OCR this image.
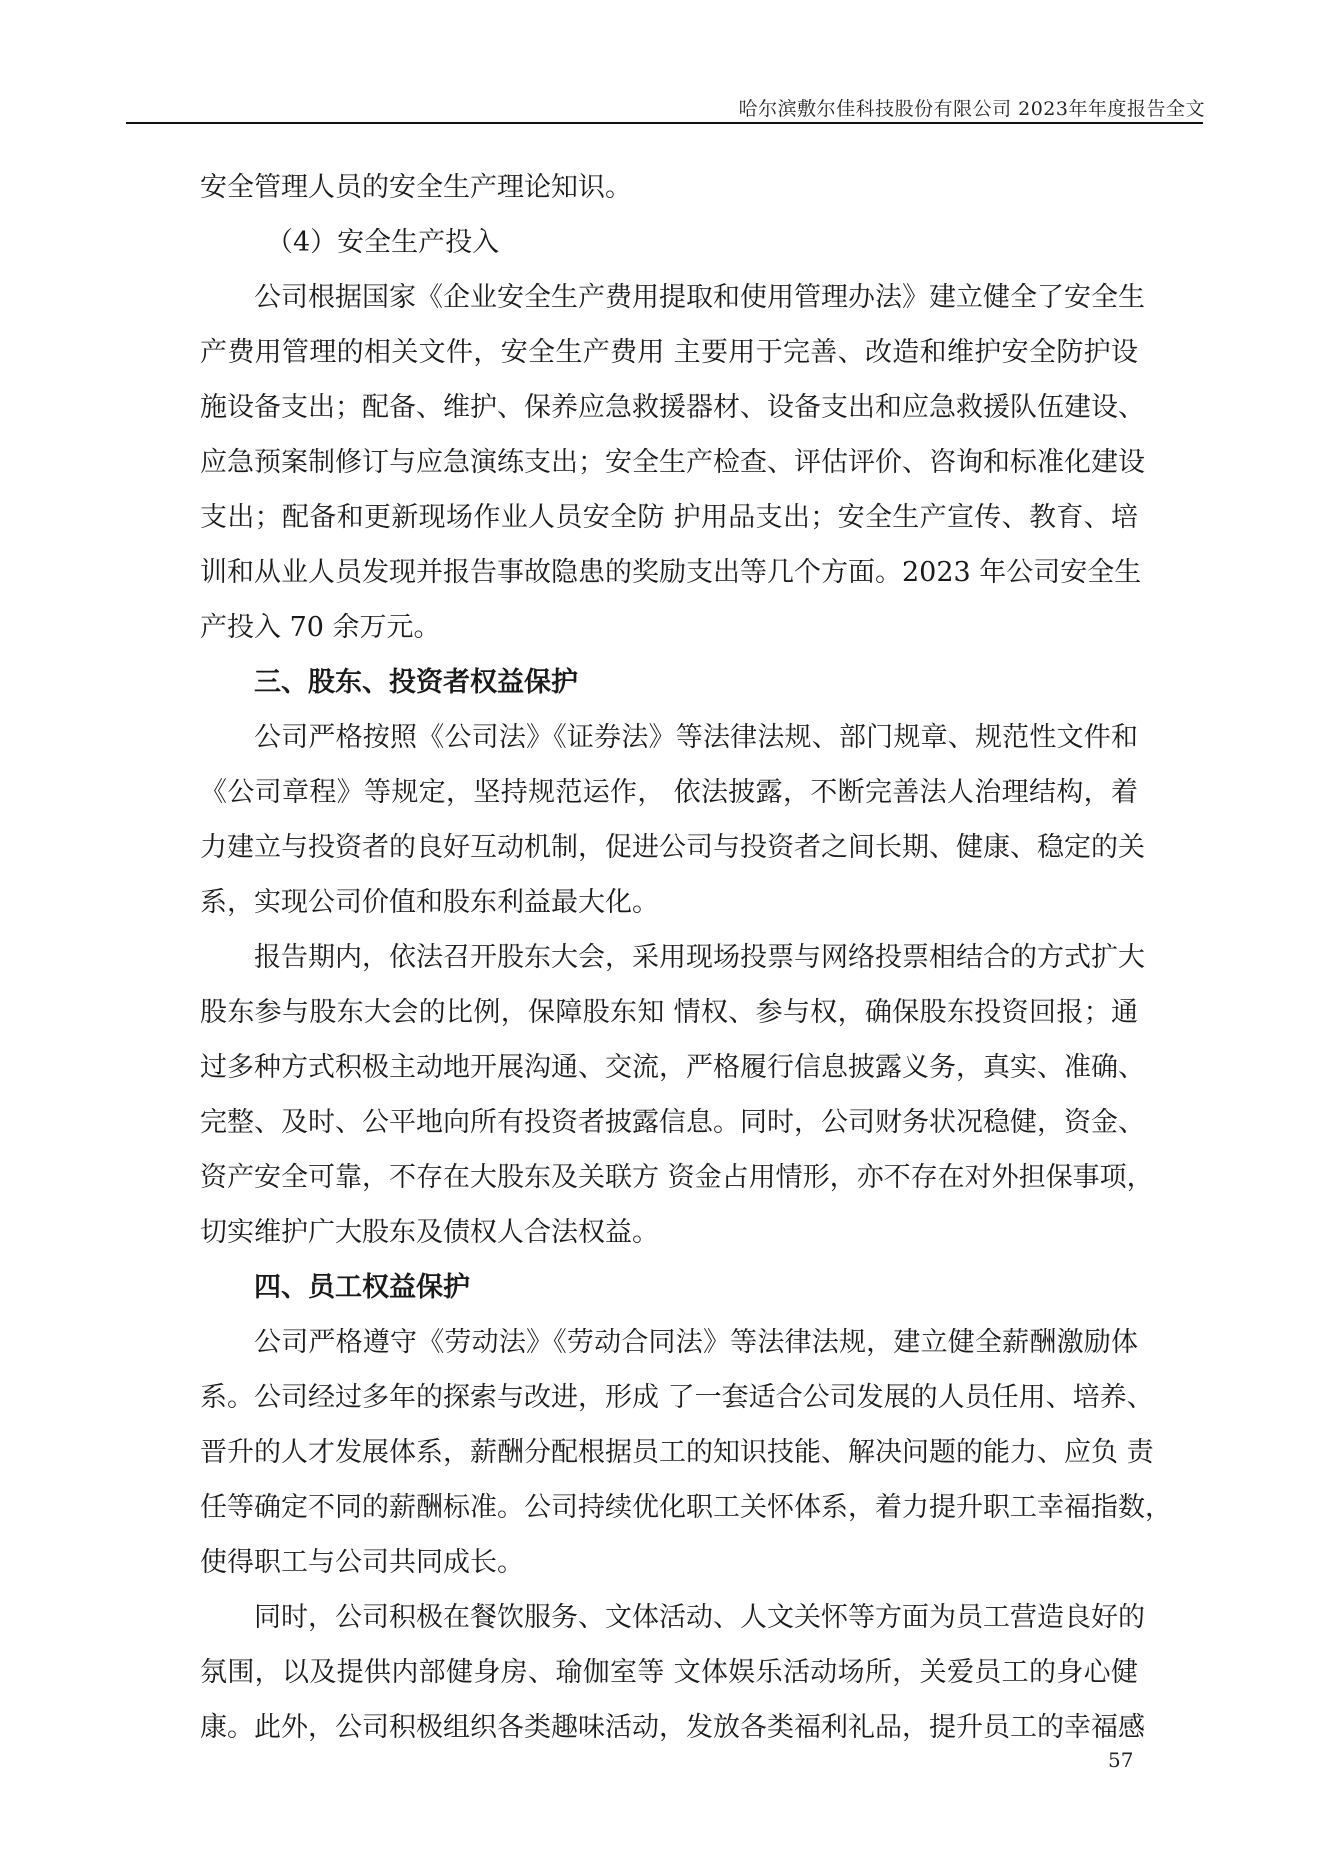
哈尔滨敷尔佳科技股份有限公司 2023年年度报告全文
安全管理人员的安全生产理论知识。
（4）安全生产投入
公司根据国家《企业安全生产费用提取和使用管理办法》建立健全了安全生
产费用管理的相关文件，安全生产费用 主要用于完善、改造和维护安全防护设
施设备支出；配备、维护、保养应急救援器材、设备支出和应急救援队伍建设、
应急预案制修订与应急演练支出；安全生产检查、评估评价、咨询和标准化建设
支出；配备和更新现场作业人员安全防 护用品支出；安全生产宣传、教育、培
训和从业人员发现并报告事故隐患的奖励支出等几个方面。2023 年公司安全生
产投入 70 余万元。
三、股东、投资者权益保护
公司严格按照《公司法》《证券法》等法律法规、部门规章、规范性文件和
《公司章程》等规定，坚持规范运作， 依法披露，不断完善法人治理结构，着
力建立与投资者的良好互动机制，促进公司与投资者之间长期、健康、稳定的关
系，实现公司价值和股东利益最大化。
报告期内，依法召开股东大会，采用现场投票与网络投票相结合的方式扩大
股东参与股东大会的比例，保障股东知 情权、参与权，确保股东投资回报；通
过多种方式积极主动地开展沟通、交流，严格履行信息披露义务，真实、准确、
完整、及时、公平地向所有投资者披露信息。同时，公司财务状况稳健，资金、
资产安全可靠，不存在大股东及关联方 资金占用情形，亦不存在对外担保事项，
切实维护广大股东及债权人合法权益。
四、员工权益保护
公司严格遵守《劳动法》《劳动合同法》等法律法规，建立健全薪酬激励体
系。公司经过多年的探索与改进，形成 了一套适合公司发展的人员任用、培养、
晋升的人才发展体系，薪酬分配根据员工的知识技能、解决问题的能力、应负 责
任等确定不同的薪酬标准。公司持续优化职工关怀体系，着力提升职工幸福指数，
使得职工与公司共同成长。
同时，公司积极在餐饮服务、文体活动、人文关怀等方面为员工营造良好的
氛围，以及提供内部健身房、瑜伽室等 文体娱乐活动场所，关爱员工的身心健
康。此外，公司积极组织各类趣味活动，发放各类福利礼品，提升员工的幸福感
57
